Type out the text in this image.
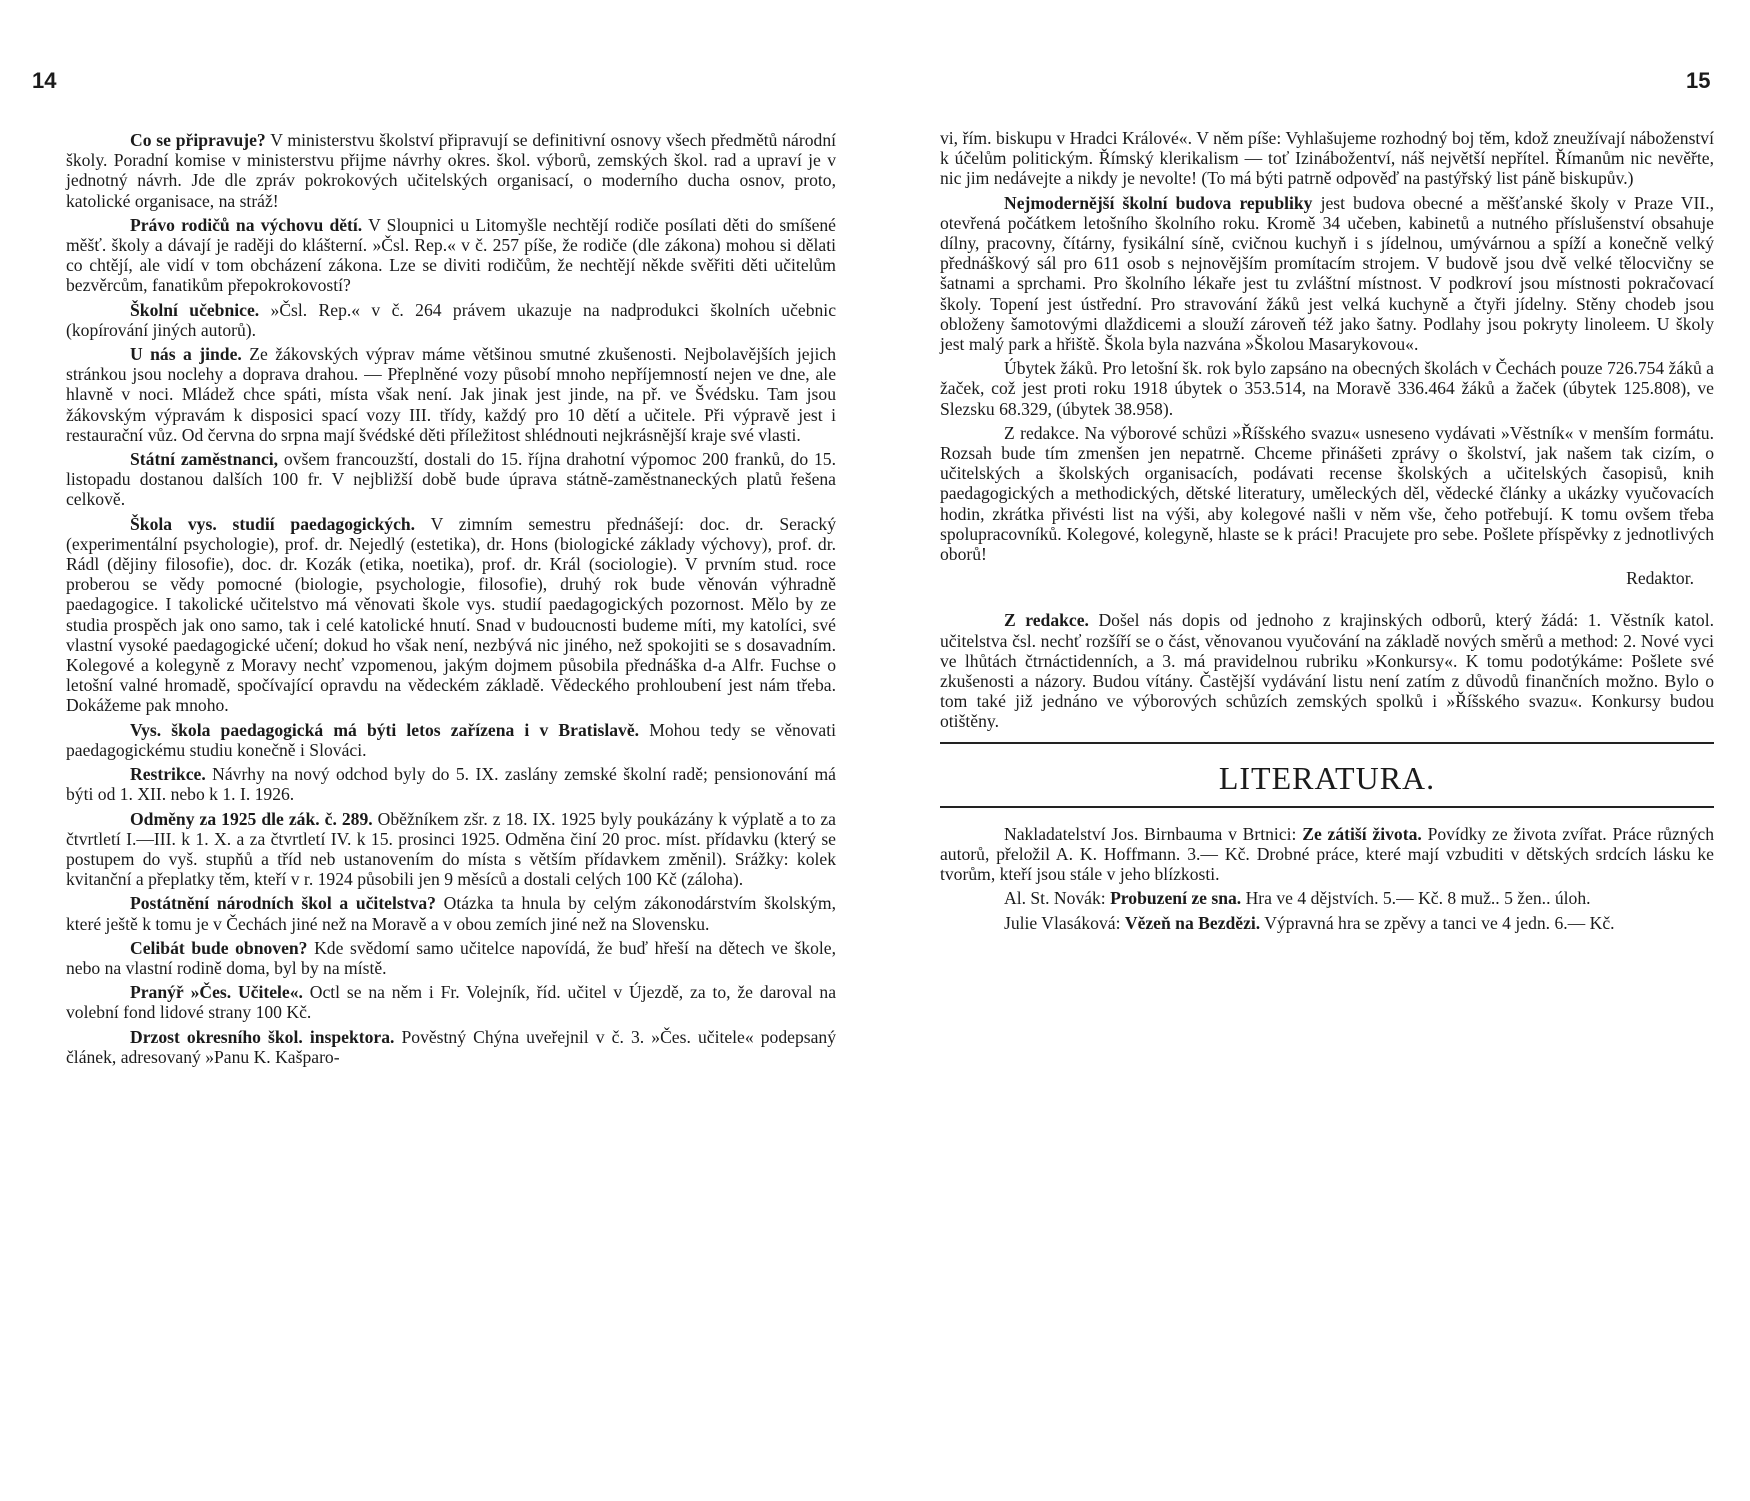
14	15

Co se připravuje? V ministerstvu školství připravují se definitivní osnovy všech předmětů národní školy. Poradní komise v ministerstvu přijme návrhy okres. škol. výborů, zemských škol. rad a upraví je v jednotný návrh. Jde dle zpráv pokrokových učitelských organisací, o moderního ducha osnov, proto, katolické organisace, na stráž!

Právo rodičů na výchovu dětí. V Sloupnici u Litomyšle nechtějí rodiče posílati děti do smíšené měšť. školy a dávají je raději do klášterní. »Čsl. Rep.« v č. 257 píše, že rodiče (dle zákona) mohou si dělati co chtějí, ale vidí v tom obcházení zákona. Lze se diviti rodičům, že nechtějí někde svěřiti děti učitelům bezvěrcům, fanatikům přepokrokovostí?

Školní učebnice. »Čsl. Rep.« v č. 264 právem ukazuje na nadprodukci školních učebnic (kopírování jiných autorů).

U nás a jinde. Ze žákovských výprav máme většinou smutné zkušenosti. Nejbolavějších jejich stránkou jsou noclehy a doprava drahou. — Přeplněné vozy působí mnoho nepříjemností nejen ve dne, ale hlavně v noci. Mládež chce spáti, místa však není. Jak jinak jest jinde, na př. ve Švédsku. Tam jsou žákovským výpravám k disposici spací vozy III. třídy, každý pro 10 dětí a učitele. Při výpravě jest i restaurační vůz. Od června do srpna mají švédské děti příležitost shlédnouti nejkrásnější kraje své vlasti.

Státní zaměstnanci, ovšem francouzští, dostali do 15. října drahotní výpomoc 200 franků, do 15. listopadu dostanou dalších 100 fr. V nejbližší době bude úprava státně-zaměstnaneckých platů řešena celkově.

Škola vys. studií paedagogických. V zimním semestru přednášejí: doc. dr. Seracký (experimentální psychologie), prof. dr. Nejedlý (estetika), dr. Hons (biologické základy výchovy), prof. dr. Rádl (dějiny filosofie), doc. dr. Kozák (etika, noetika), prof. dr. Král (sociologie). V prvním stud. roce proberou se vědy pomocné (biologie, psychologie, filosofie), druhý rok bude věnován výhradně paedagogice. I takolické učitelstvo má věnovati škole vys. studií paedagogických pozornost. Mělo by ze studia prospěch jak ono samo, tak i celé katolické hnutí. Snad v budoucnosti budeme míti, my katolíci, své vlastní vysoké paedagogické učení; dokud ho však není, nezbývá nic jiného, než spokojiti se s dosavadním. Kolegové a kolegyně z Moravy nechť vzpomenou, jakým dojmem působila přednáška d-a Alfr. Fuchse o letošní valné hromadě, spočívající opravdu na vědeckém základě. Vědeckého prohloubení jest nám třeba. Dokážeme pak mnoho.

Vys. škola paedagogická má býti letos zařízena i v Bratislavě. Mohou tedy se věnovati paedagogickému studiu konečně i Slováci.

Restrikce. Návrhy na nový odchod byly do 5. IX. zaslány zemské školní radě; pensionování má býti od 1. XII. nebo k 1. I. 1926.

Odměny za 1925 dle zák. č. 289. Oběžníkem zšr. z 18. IX. 1925 byly poukázány k výplatě a to za čtvrtletí I.—III. k 1. X. a za čtvrtletí IV. k 15. prosinci 1925. Odměna činí 20 proc. míst. přídavku (který se postupem do vyš. stupňů a tříd neb ustanovením do místa s větším přídavkem změnil). Srážky: kolek kvitanční a přeplatky těm, kteří v r. 1924 působili jen 9 měsíců a dostali celých 100 Kč (záloha).

Postátnění národních škol a učitelstva? Otázka ta hnula by celým zákonodárstvím školským, které ještě k tomu je v Čechách jiné než na Moravě a v obou zemích jiné než na Slovensku.

Celibát bude obnoven? Kde svědomí samo učitelce napovídá, že buď hřeší na dětech ve škole, nebo na vlastní rodině doma, byl by na místě.

Pranýř »Čes. Učitele«. Octl se na něm i Fr. Volejník, říd. učitel v Újezdě, za to, že daroval na volební fond lidové strany 100 Kč.

Drzost okresního škol. inspektora. Pověstný Chýna uveřejnil v č. 3. »Čes. učitele« podepsaný článek, adresovaný »Panu K. Kašparo-

vi, řím. biskupu v Hradci Králové«. V něm píše: Vyhlašujeme rozhodný boj těm, kdož zneužívají náboženství k účelům politickým. Římský klerikalism — toť Izinábožentví, náš největší nepřítel. Římanům nic nevěřte, nic jim nedávejte a nikdy je nevolte! (To má býti patrně odpověď na pastýřský list páně biskupův.)

Nejmodernější školní budova republiky jest budova obecné a měšťanské školy v Praze VII., otevřená počátkem letošního školního roku. Kromě 34 učeben, kabinetů a nutného příslušenství obsahuje dílny, pracovny, čítárny, fysikální síně, cvičnou kuchyň i s jídelnou, umývárnou a spíží a konečně velký přednáškový sál pro 611 osob s nejnovějším promítacím strojem. V budově jsou dvě velké tělocvičny se šatnami a sprchami. Pro školního lékaře jest tu zvláštní místnost. V podkroví jsou místnosti pokračovací školy. Topení jest ústřední. Pro stravování žáků jest velká kuchyně a čtyři jídelny. Stěny chodeb jsou obloženy šamotovými dlaždicemi a slouží zároveň též jako šatny. Podlahy jsou pokryty linoleem. U školy jest malý park a hřiště. Škola byla nazvána »Školou Masarykovou«.

Úbytek žáků. Pro letošní šk. rok bylo zapsáno na obecných školách v Čechách pouze 726.754 žáků a žaček, což jest proti roku 1918 úbytek o 353.514, na Moravě 336.464 žáků a žaček (úbytek 125.808), ve Slezsku 68.329, (úbytek 38.958).

Z redakce. Na výborové schůzi »Říšského svazu« usneseno vydávati »Věstník« v menším formátu. Rozsah bude tím zmenšen jen nepatrně. Chceme přinášeti zprávy o školství, jak našem tak cizím, o učitelských a školských organisacích, podávati recense školských a učitelských časopisů, knih paedagogických a methodických, dětské literatury, uměleckých děl, vědecké články a ukázky vyučovacích hodin, zkrátka přivésti list na výši, aby kolegové našli v něm vše, čeho potřebují. K tomu ovšem třeba spolupracovníků. Kolegové, kolegyně, hlaste se k práci! Pracujete pro sebe. Pošlete příspěvky z jednotlivých oborů!

Redaktor.

Z redakce. Došel nás dopis od jednoho z krajinských odborů, který žádá: 1. Věstník katol. učitelstva čsl. nechť rozšíří se o část, věnovanou vyučování na základě nových směrů a method: 2. Nové vyci ve lhůtách čtrnáctidenních, a 3. má pravidelnou rubriku »Konkursy«. K tomu podotýkáme: Pošlete své zkušenosti a názory. Budou vítány. Častější vydávání listu není zatím z důvodů finančních možno. Bylo o tom také již jednáno ve výborových schůzích zemských spolků i »Říšského svazu«. Konkursy budou otištěny.

LITERATURA.

Nakladatelství Jos. Birnbauma v Brtnici: Ze zátiší života. Povídky ze života zvířat. Práce různých autorů, přeložil A. K. Hoffmann. 3.— Kč. Drobné práce, které mají vzbuditi v dětských srdcích lásku ke tvorům, kteří jsou stále v jeho blízkosti.

Al. St. Novák: Probuzení ze sna. Hra ve 4 dějstvích. 5.— Kč. 8 muž.. 5 žen.. úloh.

Julie Vlasáková: Vězeň na Bezdězi. Výpravná hra se zpěvy a tanci ve 4 jedn. 6.— Kč.
